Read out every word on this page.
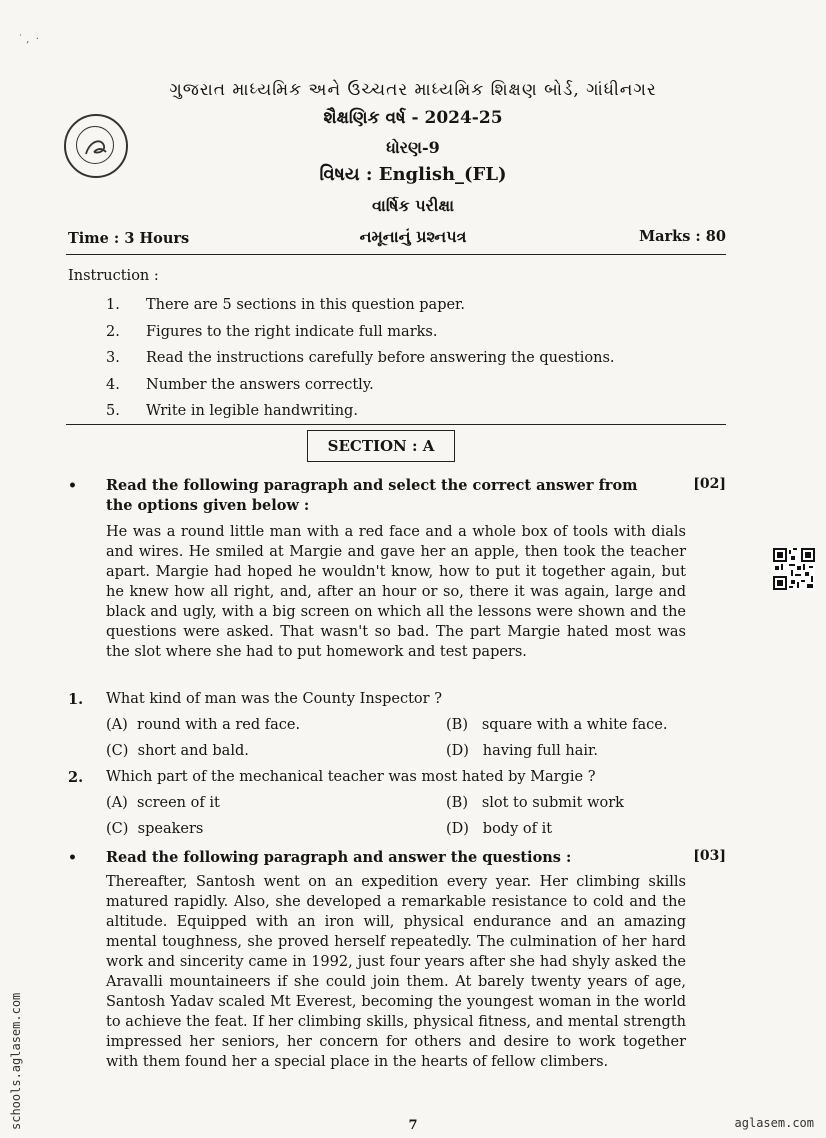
˙ ‚  ·
ગુજરાત માધ્યમિક અને ઉચ્ચતર માધ્યમિક શિક્ષણ બોર્ડ, ગાંધીનગર
શૈક્ષણિક વર્ષ - 2024-25
ધોરણ-9
વિષય : English_(FL)
વાર્ષિક પરીક્ષા
Time : 3 Hours	નમૂનાનું પ્રશ્નપત્ર	Marks : 80
Instruction :
1. There are 5 sections in this question paper.
2. Figures to the right indicate full marks.
3. Read the instructions carefully before answering the questions.
4. Number the answers correctly.
5. Write in legible handwriting.
SECTION : A
• Read the following paragraph and select the correct answer from the options given below :
[02]
He was a round little man with a red face and a whole box of tools with dials and wires. He smiled at Margie and gave her an apple, then took the teacher apart. Margie had hoped he wouldn't know, how to put it together again, but he knew how all right, and, after an hour or so, there it was again, large and black and ugly, with a big screen on which all the lessons were shown and the questions were asked. That wasn't so bad. The part Margie hated most was the slot where she had to put homework and test papers.
1. What kind of man was the County Inspector ?
(A) round with a red face.	(B) square with a white face.
(C) short and bald.	(D) having full hair.
2. Which part of the mechanical teacher was most hated by Margie ?
(A) screen of it	(B) slot to submit work
(C) speakers	(D) body of it
• Read the following paragraph and answer the questions :	[03]
Thereafter, Santosh went on an expedition every year. Her climbing skills matured rapidly. Also, she developed a remarkable resistance to cold and the altitude. Equipped with an iron will, physical endurance and an amazing mental toughness, she proved herself repeatedly. The culmination of her hard work and sincerity came in 1992, just four years after she had shyly asked the Aravalli mountaineers if she could join them. At barely twenty years of age, Santosh Yadav scaled Mt Everest, becoming the youngest woman in the world to achieve the feat. If her climbing skills, physical fitness, and mental strength impressed her seniors, her concern for others and desire to work together with them found her a special place in the hearts of fellow climbers.
schools.aglasem.com	7	aglasem.com
